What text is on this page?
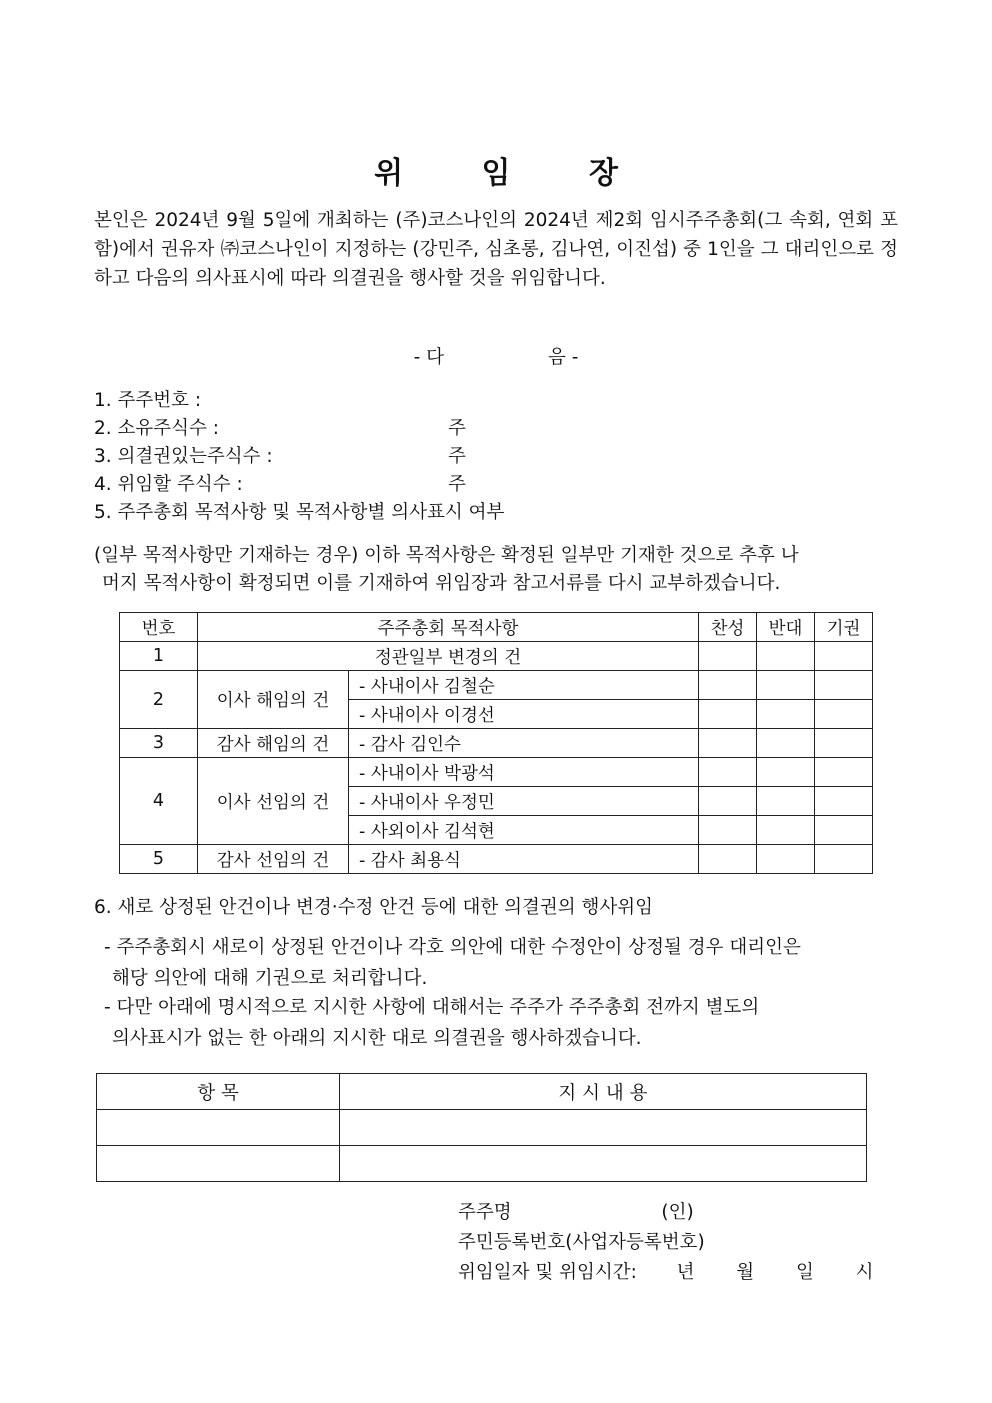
위	임	장
본인은 2024년 9월 5일에 개최하는 (주)코스나인의 2024년 제2회 임시주주총회(그 속회, 연회 포함)에서 권유자 ㈜코스나인이 지정하는 (강민주, 심초롱, 김나연, 이진섭) 중 1인을 그 대리인으로 정하고 다음의 의사표시에 따라 의결권을 행사할 것을 위임합니다.
- 다	음 -
1. 주주번호 :
2. 소유주식수 :	주
3. 의결권있는주식수 :	주
4. 위임할 주식수 :	주
5. 주주총회 목적사항 및 목적사항별 의사표시 여부
(일부 목적사항만 기재하는 경우) 이하 목적사항은 확정된 일부만 기재한 것으로 추후 나
머지 목적사항이 확정되면 이를 기재하여 위임장과 참고서류를 다시 교부하겠습니다.
번호	주주총회 목적사항		찬성	반대	기권
1	정관일부 변경의 건				
2	이사 해임의 건	- 사내이사 김철순			
		- 사내이사 이경선			
3	감사 해임의 건	- 감사 김인수			
4	이사 선임의 건	- 사내이사 박광석			
		- 사내이사 우정민			
		- 사외이사 김석현			
5	감사 선임의 건	- 감사 최용식			
6. 새로 상정된 안건이나 변경·수정 안건 등에 대한 의결권의 행사위임
- 주주총회시 새로이 상정된 안건이나 각호 의안에 대한 수정안이 상정될 경우 대리인은
해당 의안에 대해 기권으로 처리합니다.
- 다만 아래에 명시적으로 지시한 사항에 대해서는 주주가 주주총회 전까지 별도의
의사표시가 없는 한 아래의 지시한 대로 의결권을 행사하겠습니다.
항 목	지 시 내 용

주주명	(인)
주민등록번호(사업자등록번호)
위임일자 및 위임시간: 년 월 일 시
